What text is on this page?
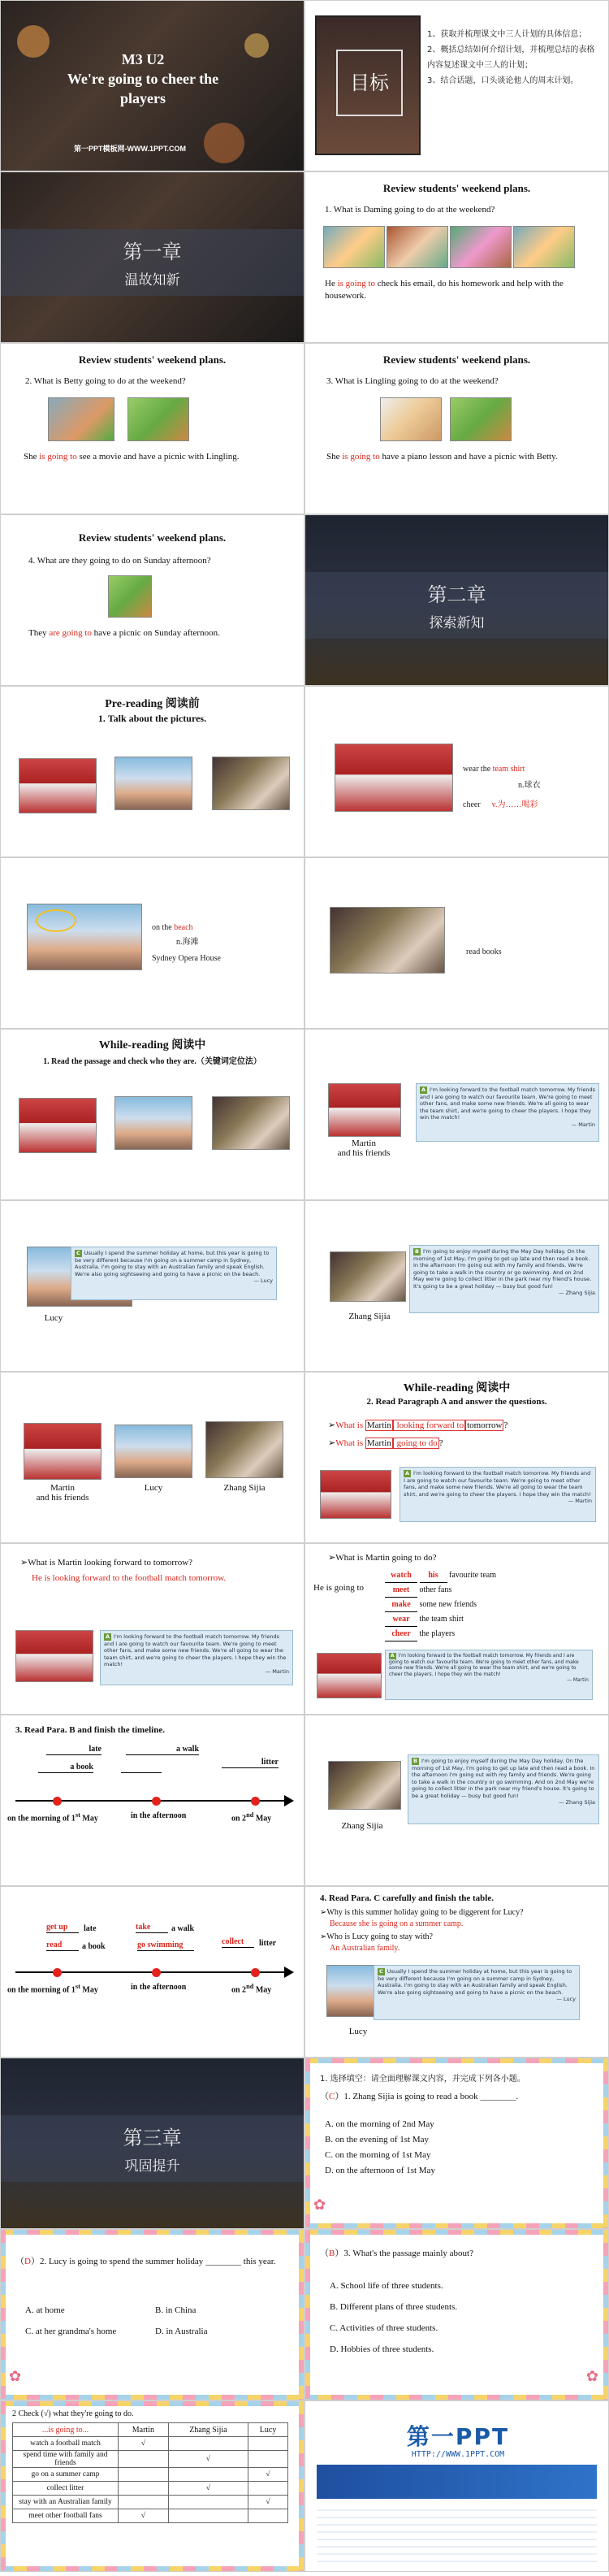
M3 U2
We're going to cheer the
players
第一PPT模板网-WWW.1PPT.COM
目标
1、获取并梳理课文中三人计划的具体信息；
2、概括总结如何介绍计划，并梳理总结的表格内容复述课文中三人的计划；
3、结合话题，口头谈论他人的周末计划。
第一章
温故知新
Review students' weekend plans.
1. What is Daming going to do at the weekend?
He is going to check his email, do his homework and help with the housework.
Review students' weekend plans.
2. What is Betty going to do at the weekend?
She is going to see a movie and have a picnic with Lingling.
Review students' weekend plans.
3. What is Lingling going to do at the weekend?
She is going to have a piano lesson and have a picnic with Betty.
Review students' weekend plans.
4. What are they going to do on Sunday afternoon?
They are going to have a picnic on Sunday afternoon.
第二章
探索新知
Pre-reading 阅读前
1. Talk about the pictures.
wear the team shirt
n.球衣
cheer v.为……喝彩
on the beach
n.海滩
Sydney Opera House
read books
While-reading 阅读中
1. Read the passage and check who they are.（关键词定位法）
Martin
and his friends
A I'm looking forward to the football match tomorrow. My friends and I are going to watch our favourite team. We're going to meet other fans, and make some new friends. We're all going to wear the team shirt, and we're going to cheer the players. I hope they win the match!
— Martin
C Usually I spend the summer holiday at home, but this year is going to be very different because I'm going on a summer camp in Sydney, Australia. I'm going to stay with an Australian family and speak English. We're also going sightseeing and going to have a picnic on the beach.
— Lucy
Lucy
B I'm going to enjoy myself during the May Day holiday. On the morning of 1st May, I'm going to get up late and then read a book. In the afternoon I'm going out with my family and friends. We're going to take a walk in the country or go swimming. And on 2nd May we're going to collect litter in the park near my friend's house. It's going to be a great holiday — busy but good fun!
— Zhang Sijia
Zhang Sijia
Martin
and his friends
Lucy	Zhang Sijia
While-reading 阅读中
2. Read Paragraph A and answer the questions.
➢What is Martin looking forward to tomorrow ?
➢What is Martin going to do ?
A I'm looking forward to the football match tomorrow. My friends and I are going to watch our favourite team. We're going to meet other fans, and make some new friends. We're all going to wear the team shirt, and we're going to cheer the players. I hope they win the match!
— Martin
➢What is Martin looking forward to tomorrow?
He is looking forward to the football match tomorrow.
A I'm looking forward to the football match tomorrow. My friends and I are going to watch our favourite team. We're going to meet other fans, and make some new friends. We're all going to wear the team shirt, and we're going to cheer the players. I hope they win the match!
— Martin
➢What is Martin going to do?
He is going to
watch his favourite team
meet other fans
make some new friends
wear the team shirt
cheer the players
A I'm looking forward to the football match tomorrow. My friends and I are going to watch our favourite team. We're going to meet other fans, and make some new friends. We're all going to wear the team shirt, and we're going to cheer the players. I hope they win the match!
— Martin
3. Read Para. B and finish the timeline.
late
a book
a walk
litter
on the morning of 1st May	in the afternoon	on 2nd May
B I'm going to enjoy myself during the May Day holiday. On the morning of 1st May, I'm going to get up late and then read a book. In the afternoon I'm going out with my family and friends. We're going to take a walk in the country or go swimming. And on 2nd May we're going to collect litter in the park near my friend's house. It's going to be a great holiday — busy but good fun!
— Zhang Sijia
Zhang Sijia
get up	late
read	a book
take	a walk
go swimming	collect	litter
on the morning of 1st May	in the afternoon	on 2nd May
4. Read Para. C carefully and finish the table.
➢Why is this summer holiday going to be diggerent for Lucy?
Because she is going on a summer camp.
➢Who is Lucy going to stay with?
An Australian family.
C Usually I spend the summer holiday at home, but this year is going to be very different because I'm going on a summer camp in Sydney, Australia. I'm going to stay with an Australian family and speak English. We're also going sightseeing and going to have a picnic on the beach.
— Lucy
Lucy
第三章
巩固提升
1. 选择填空：请全面理解课文内容，并完成下列各小题。
（C）1. Zhang Sijia is going to read a book ________.
A. on the morning of 2nd May
B. on the evening of 1st May
C. on the morning of 1st May
D. on the afternoon of 1st May
✿
（D）2. Lucy is going to spend the summer holiday ________ this year.
A. at home	B. in China
C. at her grandma's home	D. in Australia
✿
（B）3. What's the passage mainly about?
A. School life of three students.
B. Different plans of three students.
C. Activities of three students.
D. Hobbies of three students.
✿
2 Check (√) what they're going to do.
...is going to...	Martin	Zhang Sijia	Lucy
watch a football match	√		
spend time with family and friends		√	
go on a summer camp			√
collect litter		√	
stay with an Australian family			√
meet other football fans	√		
第一PPT
HTTP://WWW.1PPT.COM
